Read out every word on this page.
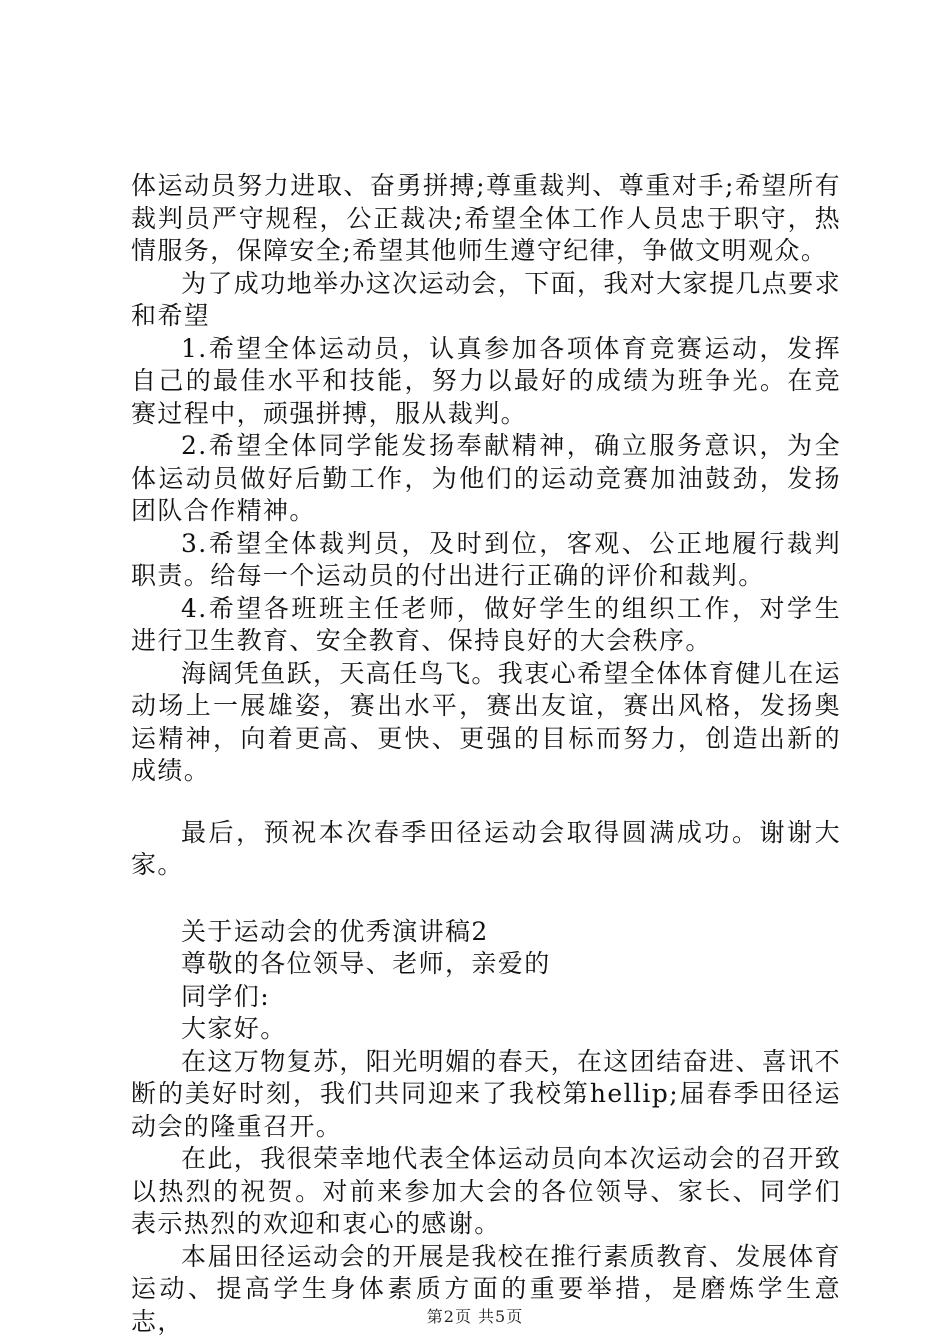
体运动员努力进取、奋勇拼搏;尊重裁判、尊重对手;希望所有裁判员严守规程，公正裁决;希望全体工作人员忠于职守，热情服务，保障安全;希望其他师生遵守纪律，争做文明观众。

为了成功地举办这次运动会，下面，我对大家提几点要求和希望

1.希望全体运动员，认真参加各项体育竞赛运动，发挥自己的最佳水平和技能，努力以最好的成绩为班争光。在竞赛过程中，顽强拼搏，服从裁判。

2.希望全体同学能发扬奉献精神，确立服务意识，为全体运动员做好后勤工作，为他们的运动竞赛加油鼓劲，发扬团队合作精神。

3.希望全体裁判员，及时到位，客观、公正地履行裁判职责。给每一个运动员的付出进行正确的评价和裁判。

4.希望各班班主任老师，做好学生的组织工作，对学生进行卫生教育、安全教育、保持良好的大会秩序。

海阔凭鱼跃，天高任鸟飞。我衷心希望全体体育健儿在运动场上一展雄姿，赛出水平，赛出友谊，赛出风格，发扬奥运精神，向着更高、更快、更强的目标而努力，创造出新的成绩。

最后，预祝本次春季田径运动会取得圆满成功。谢谢大家。

关于运动会的优秀演讲稿2

尊敬的各位领导、老师，亲爱的

同学们:

大家好。

在这万物复苏，阳光明媚的春天，在这团结奋进、喜讯不断的美好时刻，我们共同迎来了我校第hellip;届春季田径运动会的隆重召开。

在此，我很荣幸地代表全体运动员向本次运动会的召开致以热烈的祝贺。对前来参加大会的各位领导、家长、同学们表示热烈的欢迎和衷心的感谢。

本届田径运动会的开展是我校在推行素质教育、发展体育运动、提高学生身体素质方面的重要举措，是磨炼学生意志，	第2页 共5页
